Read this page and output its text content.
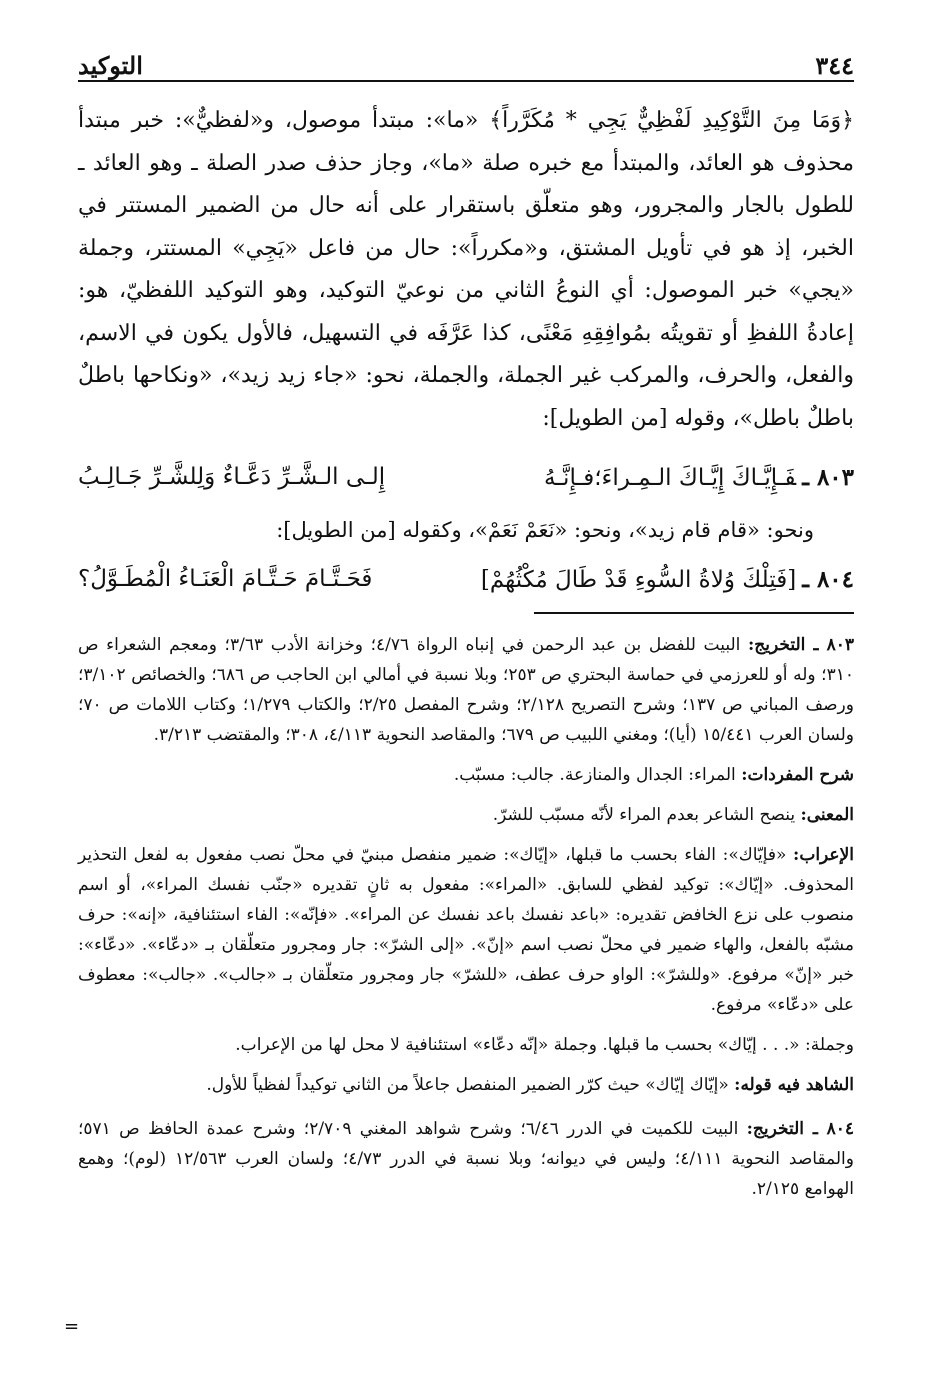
٣٤٤
التوكيد

﴿وَمَا مِنَ التَّوْكِيدِ لَفْظِيٌّ يَجِي * مُكَرَّراً﴾ «ما»: مبتدأ موصول، و«لفظيٌّ»: خبر مبتدأ محذوف هو العائد، والمبتدأ مع خبره صلة «ما»، وجاز حذف صدر الصلة ـ وهو العائد ـ للطول بالجار والمجرور، وهو متعلّق باستقرار على أنه حال من الضمير المستتر في الخبر، إذ هو في تأويل المشتق، و«مكرراً»: حال من فاعل «يَجِي» المستتر، وجملة «يجي» خبر الموصول: أي النوعُ الثاني من نوعيّ التوكيد، وهو التوكيد اللفظيّ، هو: إعادةُ اللفظِ أو تقويتُه بمُوافِقِهِ مَعْنًى، كذا عَرَّفَه في التسهيل، فالأول يكون في الاسم، والفعل، والحرف، والمركب غير الجملة، والجملة، نحو: «جاء زيد زيد»، «ونكاحها باطلٌ باطلٌ باطل»، وقوله [من الطويل]:

٨٠٣ ـفَـإِيَّـاكَ إِيَّـاكَ الـمِـراءَ؛فـإِنَّـهُ
إِلـى الـشَّـرِّ دَعَّـاءٌ وَلِلشَّـرِّ جَـالِـبُ
ونحو: «قام قام زيد»، ونحو: «نَعَمْ نَعَمْ»، وكقوله [من الطويل]:
٨٠٤ ـ[فَتِلْكَ وُلاةُ السُّوءِ قَدْ طَالَ مُكْثُهُمْ]
فَحَـتَّـامَ حَـتَّـامَ الْعَنَـاءُ الْمُطَـوَّلُ؟
٨٠٣ ـ التخريج: البيت للفضل بن عبد الرحمن في إنباه الرواة ٤/٧٦؛ وخزانة الأدب ٣/٦٣؛ ومعجم الشعراء ص ٣١٠؛ وله أو للعرزمي في حماسة البحتري ص ٢٥٣؛ وبلا نسبة في أمالي ابن الحاجب ص ٦٨٦؛ والخصائص ٣/١٠٢؛ ورصف المباني ص ١٣٧؛ وشرح التصريح ٢/١٢٨؛ وشرح المفصل ٢/٢٥؛ والكتاب ١/٢٧٩؛ وكتاب اللامات ص ٧٠؛ ولسان العرب ١٥/٤٤١ (أيا)؛ ومغني اللبيب ص ٦٧٩؛ والمقاصد النحوية ٤/١١٣، ٣٠٨؛ والمقتضب ٣/٢١٣.
شرح المفردات: المراء: الجدال والمنازعة. جالب: مسبّب.
المعنى: ينصح الشاعر بعدم المراء لأنّه مسبّب للشرّ.
الإعراب: «فإيّاك»: الفاء بحسب ما قبلها، «إيّاك»: ضمير منفصل مبنيّ في محلّ نصب مفعول به لفعل التحذير المحذوف. «إيّاك»: توكيد لفظي للسابق. «المراء»: مفعول به ثانٍ تقديره «جنّب نفسك المراء»، أو اسم منصوب على نزع الخافض تقديره: «باعد نفسك باعد نفسك عن المراء». «فإنّه»: الفاء استئنافية، «إنه»: حرف مشبّه بالفعل، والهاء ضمير في محلّ نصب اسم «إنّ». «إلى الشرّ»: جار ومجرور متعلّقان بـ «دعّاء». «دعّاء»: خبر «إنّ» مرفوع. «وللشرّ»: الواو حرف عطف، «للشرّ» جار ومجرور متعلّقان بـ «جالب». «جالب»: معطوف على «دعّاء» مرفوع.
وجملة: «. . . إيّاك» بحسب ما قبلها. وجملة «إنّه دعّاء» استئنافية لا محل لها من الإعراب.
الشاهد فيه قوله: «إيّاك إيّاك» حيث كرّر الضمير المنفصل جاعلاً من الثاني توكيداً لفظياً للأول.
٨٠٤ ـ التخريج: البيت للكميت في الدرر ٦/٤٦؛ وشرح شواهد المغني ٢/٧٠٩؛ وشرح عمدة الحافظ ص ٥٧١؛ والمقاصد النحوية ٤/١١١؛ وليس في ديوانه؛ وبلا نسبة في الدرر ٤/٧٣؛ ولسان العرب ١٢/٥٦٣ (لوم)؛ وهمع الهوامع ٢/١٢٥.
=
